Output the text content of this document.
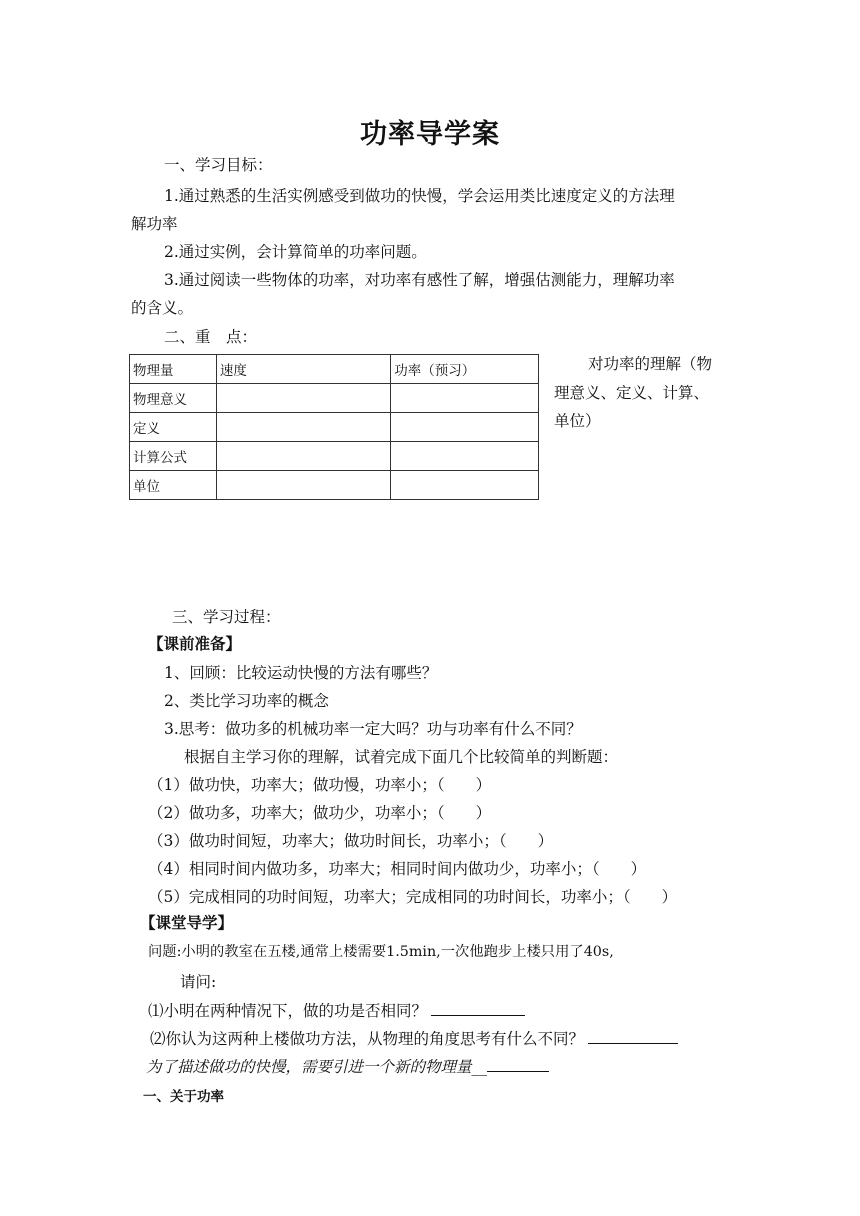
功率导学案
一、学习目标：
1.通过熟悉的生活实例感受到做功的快慢，学会运用类比速度定义的方法理
解功率
2.通过实例，会计算简单的功率问题。
3.通过阅读一些物体的功率，对功率有感性了解，增强估测能力，理解功率
的含义。
二、重　点：
物理量	速度	功率（预习）
物理意义		
定义		
计算公式		
单位		
对功率的理解（物
理意义、定义、计算、
单位）
三、学习过程：
【课前准备】
1、回顾：比较运动快慢的方法有哪些？
2、类比学习功率的概念
3.思考：做功多的机械功率一定大吗？功与功率有什么不同？
根据自主学习你的理解，试着完成下面几个比较简单的判断题：
（1）做功快，功率大；做功慢，功率小；（　　）
（2）做功多，功率大；做功少，功率小；（　　）
（3）做功时间短，功率大；做功时间长，功率小；（　　）
（4）相同时间内做功多，功率大；相同时间内做功少，功率小；（　　）
（5）完成相同的功时间短，功率大；完成相同的功时间长，功率小；（　　）
【课堂导学】
问题:小明的教室在五楼,通常上楼需要1.5min,一次他跑步上楼只用了40s,
请问:
⑴小明在两种情况下，做的功是否相同？
⑵你认为这两种上楼做功方法，从物理的角度思考有什么不同？
为了描述做功的快慢，需要引进一个新的物理量__
一、关于功率
